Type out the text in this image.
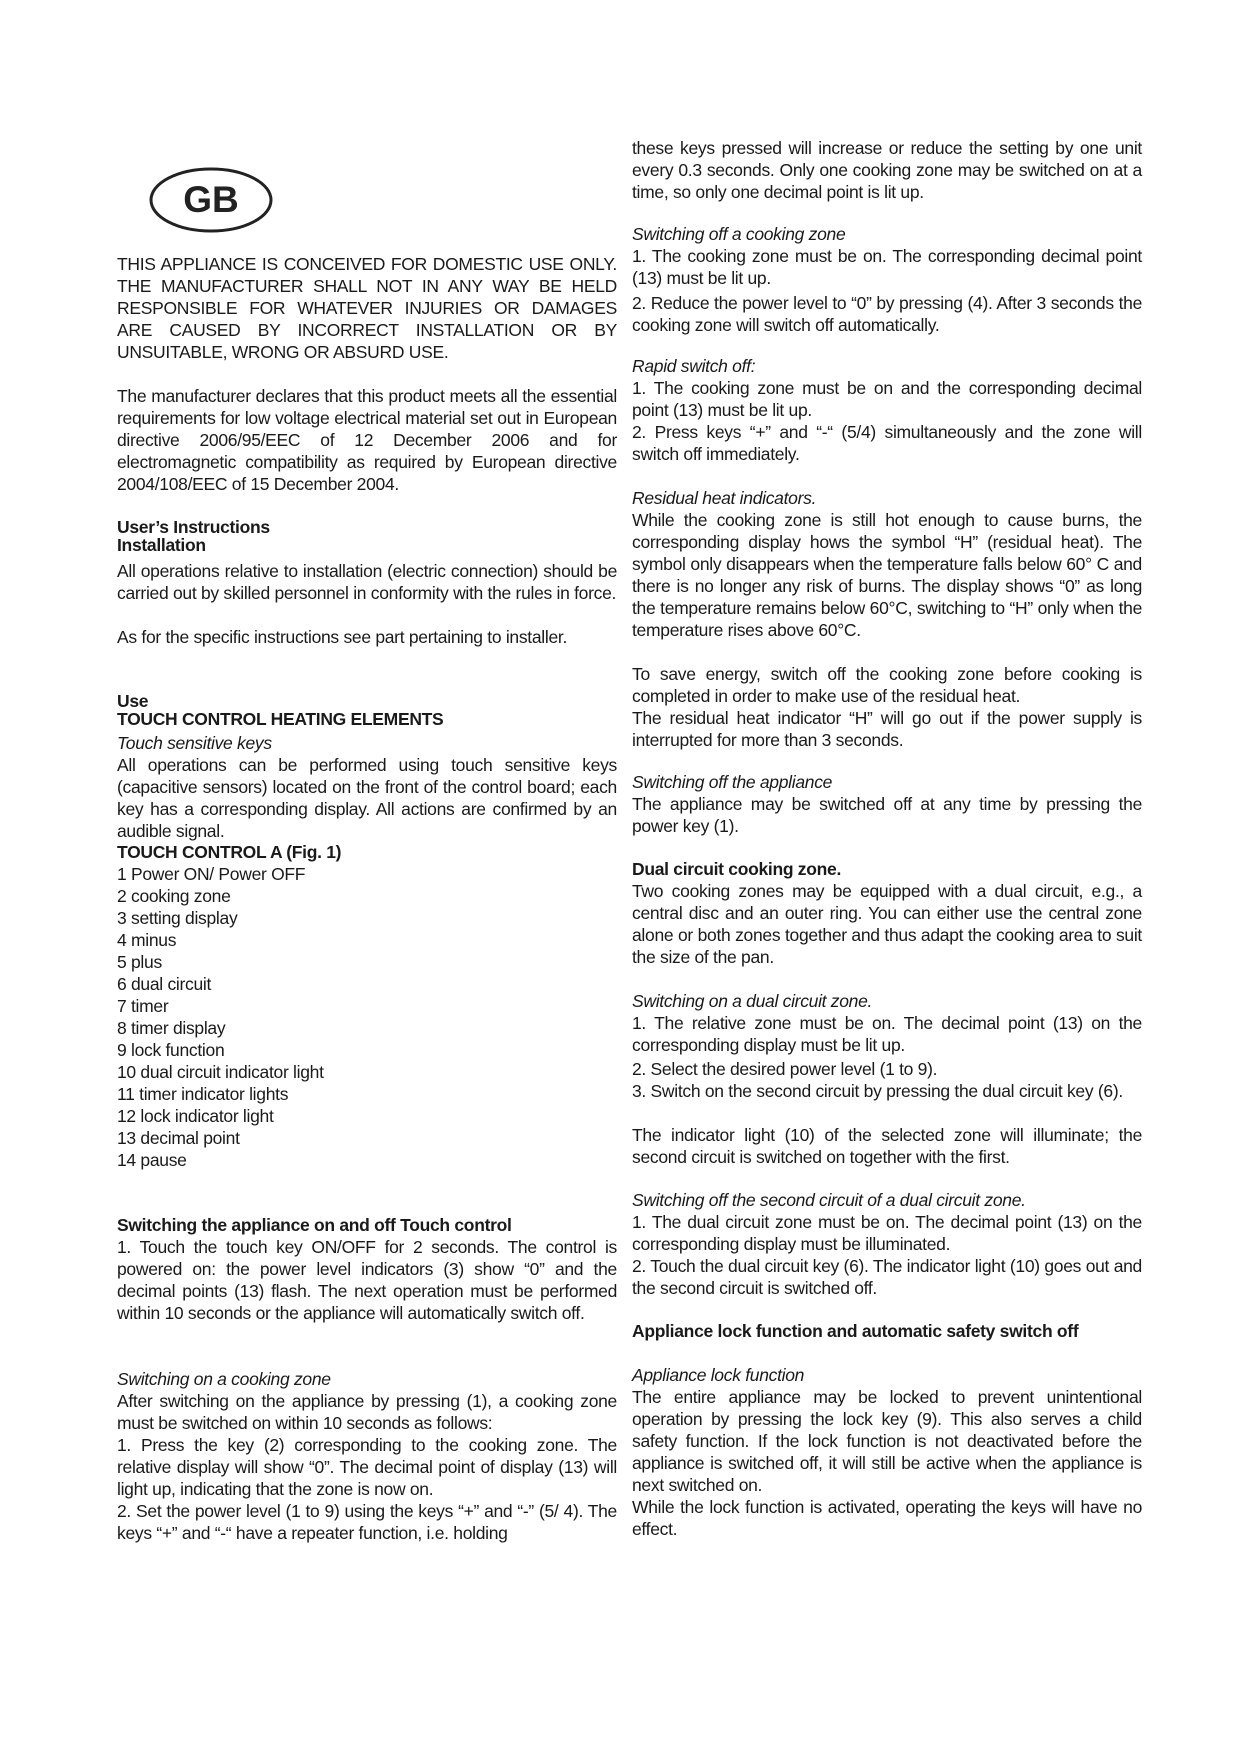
GB

THIS APPLIANCE IS CONCEIVED FOR DOMESTIC USE ONLY. THE MANUFACTURER SHALL NOT IN ANY WAY BE HELD RESPONSIBLE FOR WHATEVER INJURIES OR DAMAGES ARE CAUSED BY INCORRECT INSTALLATION OR BY UNSUITABLE, WRONG OR ABSURD USE.

The manufacturer declares that this product meets all the essential requirements for low voltage electrical material set out in European directive 2006/95/EEC of 12 December 2006 and for electromagnetic compatibility as required by European directive 2004/108/EEC of 15 December 2004.

User’s Instructions

Installation

All operations relative to installation (electric connection) should be carried out by skilled personnel in conformity with the rules in force.

As for the specific instructions see part pertaining to installer.

Use

TOUCH CONTROL HEATING ELEMENTS

Touch sensitive keys

All operations can be performed using touch sensitive keys (capacitive sensors) located on the front of the control board; each key has a corresponding display. All actions are confirmed by an audible signal.

TOUCH CONTROL A (Fig. 1)

1 Power ON/ Power OFF

2 cooking zone

3 setting display

4 minus

5 plus

6 dual circuit

7 timer

8 timer display

9 lock function

10 dual circuit indicator light

11 timer indicator lights

12 lock indicator light

13 decimal point

14 pause

Switching the appliance on and off Touch control

1. Touch the touch key ON/OFF for 2 seconds. The control is powered on: the power level indicators (3) show “0” and the decimal points (13) flash. The next operation must be performed within 10 seconds or the appliance will automatically switch off.

Switching on a cooking zone

After switching on the appliance by pressing (1), a cooking zone must be switched on within 10 seconds as follows:

1. Press the key (2) corresponding to the cooking zone. The relative display will show “0”. The decimal point of display (13) will light up, indicating that the zone is now on.

2. Set the power level (1 to 9) using the keys “+” and “-” (5/ 4). The keys “+” and “-“ have a repeater function, i.e. holding

these keys pressed will increase or reduce the setting by one unit every 0.3 seconds. Only one cooking zone may be switched on at a time, so only one decimal point is lit up.

Switching off a cooking zone

1. The cooking zone must be on. The corresponding decimal point (13) must be lit up.

2. Reduce the power level to “0” by pressing (4). After 3 seconds the cooking zone will switch off automatically.

Rapid switch off:

1. The cooking zone must be on and the corresponding decimal point (13) must be lit up.

2. Press keys “+” and “-“ (5/4) simultaneously and the zone will switch off immediately.

Residual heat indicators.

While the cooking zone is still hot enough to cause burns, the corresponding display hows the symbol “H” (residual heat). The symbol only disappears when the temperature falls below 60° C and there is no longer any risk of burns. The display shows “0” as long the temperature remains below 60°C, switching to “H” only when the temperature rises above 60°C.

To save energy, switch off the cooking zone before cooking is completed in order to make use of the residual heat.

The residual heat indicator “H” will go out if the power supply is interrupted for more than 3 seconds.

Switching off the appliance

The appliance may be switched off at any time by pressing the power key (1).

Dual circuit cooking zone.

Two cooking zones may be equipped with a dual circuit, e.g., a central disc and an outer ring. You can either use the central zone alone or both zones together and thus adapt the cooking area to suit the size of the pan.

Switching on a dual circuit zone.

1. The relative zone must be on. The decimal point (13) on the corresponding display must be lit up.

2. Select the desired power level (1 to 9).

3. Switch on the second circuit by pressing the dual circuit key (6).

The indicator light (10) of the selected zone will illuminate; the second circuit is switched on together with the first.

Switching off the second circuit of a dual circuit zone.

1. The dual circuit zone must be on. The decimal point (13) on the corresponding display must be illuminated.

2. Touch the dual circuit key (6). The indicator light (10) goes out and the second circuit is switched off.

Appliance lock function and automatic safety switch off

Appliance lock function

The entire appliance may be locked to prevent unintentional operation by pressing the lock key (9). This also serves a child safety function. If the lock function is not deactivated before the appliance is switched off, it will still be active when the appliance is next switched on.

While the lock function is activated, operating the keys will have no effect.
